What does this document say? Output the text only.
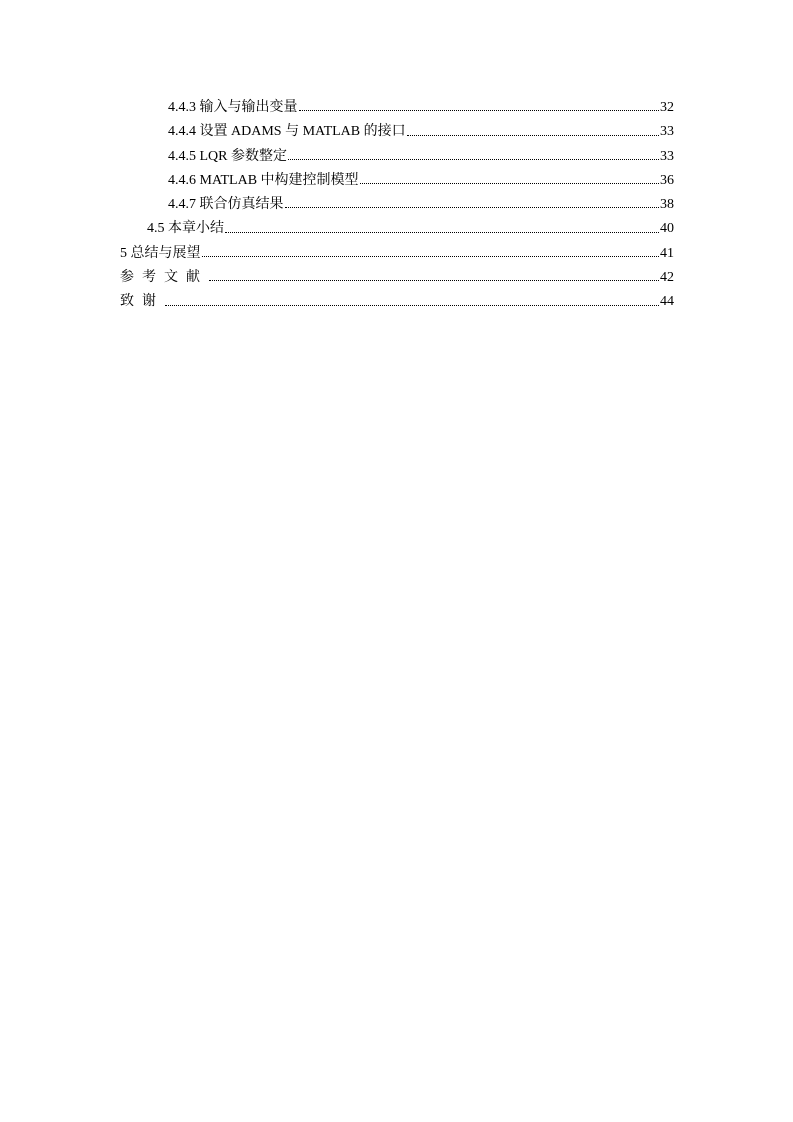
4.4.3 输入与输出变量	32
4.4.4 设置 ADAMS 与 MATLAB 的接口	33
4.4.5 LQR 参数整定	33
4.4.6 MATLAB 中构建控制模型	36
4.4.7 联合仿真结果	38
4.5 本章小结	40
5 总结与展望	41
参考文献	42
致谢	44
